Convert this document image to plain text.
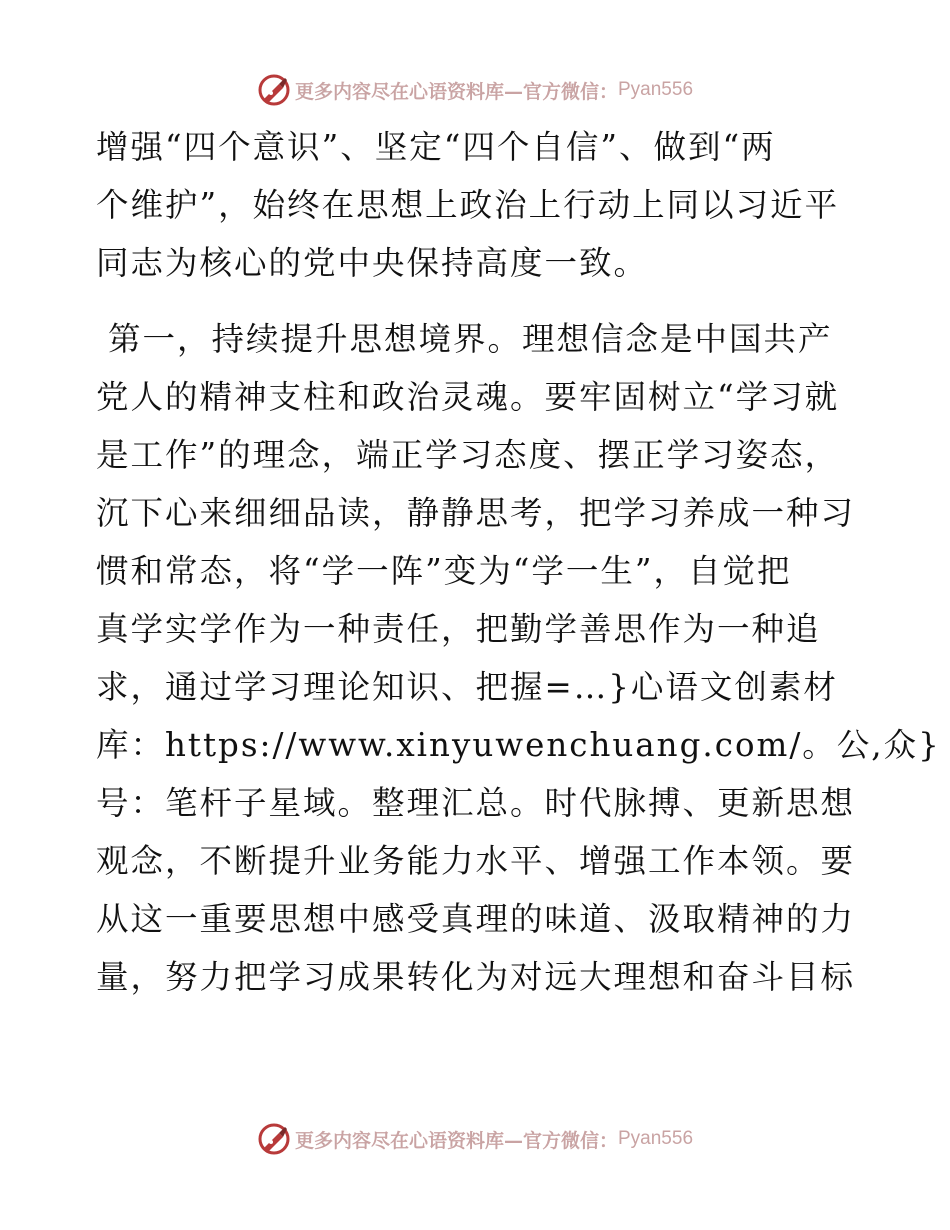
更多内容尽在心语资料库—官方微信： Pyan556
增强“四个意识”、坚定“四个自信”、做到“两
个维护”，始终在思想上政治上行动上同以习近平
同志为核心的党中央保持高度一致。
第一，持续提升思想境界。理想信念是中国共产
党人的精神支柱和政治灵魂。要牢固树立“学习就
是工作”的理念，端正学习态度、摆正学习姿态，
沉下心来细细品读，静静思考，把学习养成一种习
惯和常态，将“学一阵”变为“学一生”，自觉把
真学实学作为一种责任，把勤学善思作为一种追
求，通过学习理论知识、把握=…}心语文创素材
库：https://www.xinyuwenchuang.com/。公,众}
号：笔杆子星域。整理汇总。时代脉搏、更新思想
观念，不断提升业务能力水平、增强工作本领。要
从这一重要思想中感受真理的味道、汲取精神的力
量，努力把学习成果转化为对远大理想和奋斗目标
更多内容尽在心语资料库—官方微信： Pyan556
